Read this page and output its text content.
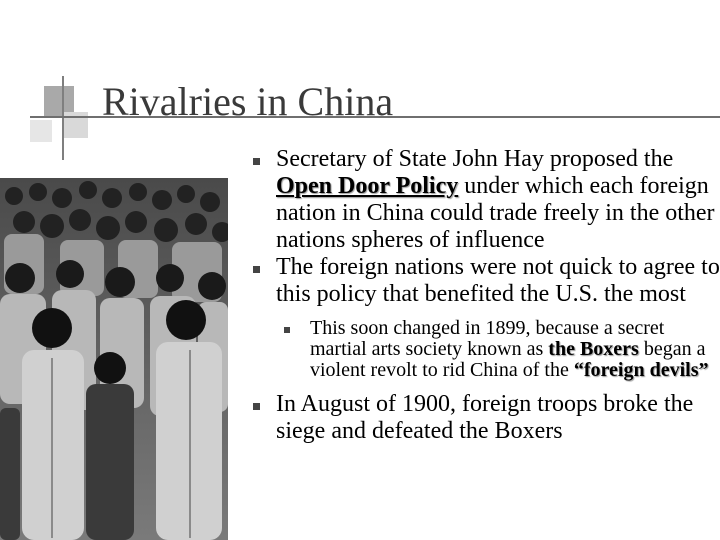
Rivalries in China
Secretary of State John Hay proposed the Open Door Policy under which each foreign nation in China could trade freely in the other nations spheres of influence
The foreign nations were not quick to agree to this policy that benefited the U.S. the most
This soon changed in 1899, because a secret martial arts society known as the Boxers began a violent revolt to rid China of the “foreign devils”
In August of 1900, foreign troops broke the siege and defeated the Boxers
